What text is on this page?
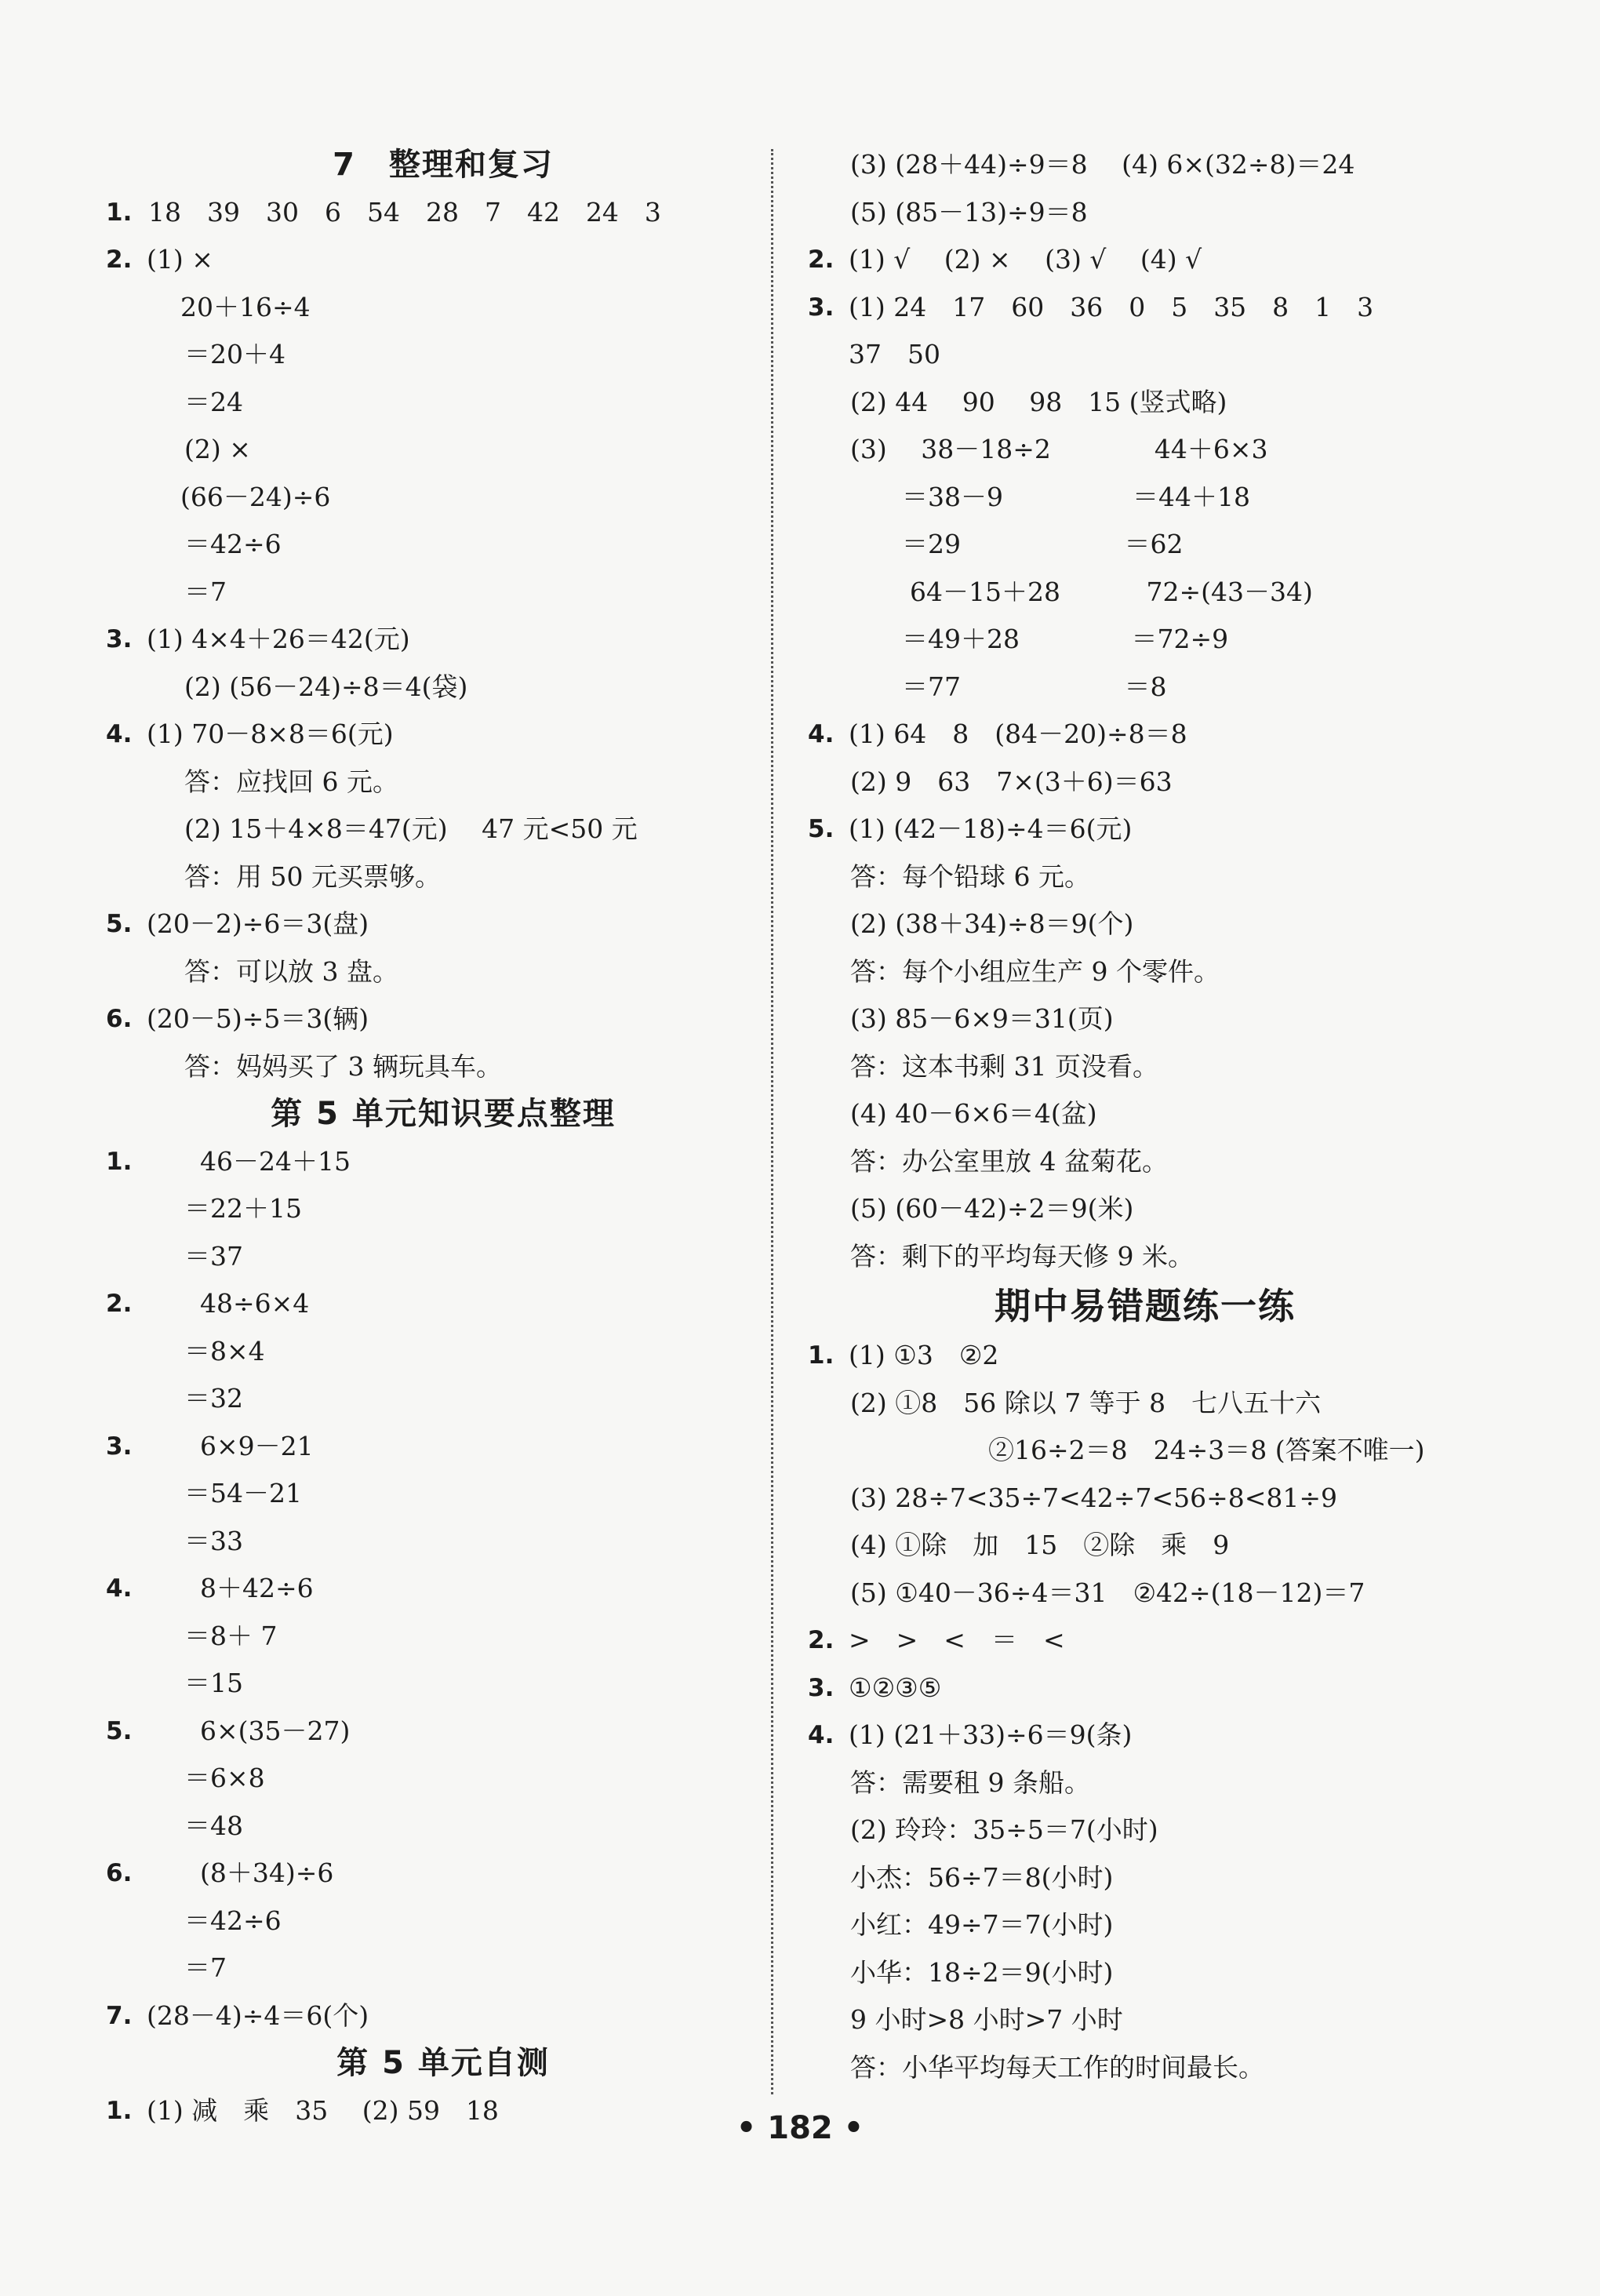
7　整理和复习
1. 18　39　30　6　54　28　7　42　24　3
2. (1) ×
20＋16÷4
＝20＋4
＝24
(2) ×
(66－24)÷6
＝42÷6
＝7
3. (1) 4×4＋26＝42(元)
(2) (56－24)÷8＝4(袋)
4. (1) 70－8×8＝6(元)
答：应找回 6 元。
(2) 15＋4×8＝47(元)　 47 元<50 元
答：用 50 元买票够。
5. (20－2)÷6＝3(盘)
答：可以放 3 盘。
6. (20－5)÷5＝3(辆)
答：妈妈买了 3 辆玩具车。
第 5 单元知识要点整理
1.	46－24＋15
＝22＋15
＝37
2.	48÷6×4
＝8×4
＝32
3.	6×9－21
＝54－21
＝33
4.	8＋42÷6
＝8＋ 7
＝15
5.	6×(35－27)
＝6×8
＝48
6.	(8＋34)÷6
＝42÷6
＝7
7. (28－4)÷4＝6(个)
第 5 单元自测
1. (1) 减　乘　35　 (2) 59　18
(3) (28＋44)÷9＝8　 (4) 6×(32÷8)＝24
(5) (85－13)÷9＝8
2. (1) √　 (2) ×　 (3) √　 (4) √
3. (1) 24　17　60　36　0　5　35　8　1　3
37　50
(2) 44　 90　 98　15 (竖式略)
(3)　 38－18÷2　　　　44＋6×3
＝38－9　　　　　＝44＋18
＝29　　　　　　 ＝62
64－15＋28　　　 72÷(43－34)
＝49＋28　　　　 ＝72÷9
＝77　　　　　　 ＝8
4. (1) 64　8　(84－20)÷8＝8
(2) 9　63　7×(3＋6)＝63
5. (1) (42－18)÷4＝6(元)
答：每个铅球 6 元。
(2) (38＋34)÷8＝9(个)
答：每个小组应生产 9 个零件。
(3) 85－6×9＝31(页)
答：这本书剩 31 页没看。
(4) 40－6×6＝4(盆)
答：办公室里放 4 盆菊花。
(5) (60－42)÷2＝9(米)
答：剩下的平均每天修 9 米。
期中易错题练一练
1. (1) ①3　②2
(2) ①8　56 除以 7 等于 8　七八五十六
②16÷2＝8　24÷3＝8 (答案不唯一)
(3) 28÷7<35÷7<42÷7<56÷8<81÷9
(4) ①除　加　15　②除　乘　9
(5) ①40－36÷4＝31　②42÷(18－12)＝7
2. >　>　<　＝　<
3. ①②③⑤
4. (1) (21＋33)÷6＝9(条)
答：需要租 9 条船。
(2) 玲玲：35÷5＝7(小时)
小杰：56÷7＝8(小时)
小红：49÷7＝7(小时)
小华：18÷2＝9(小时)
9 小时>8 小时>7 小时
答：小华平均每天工作的时间最长。
• 182 •
